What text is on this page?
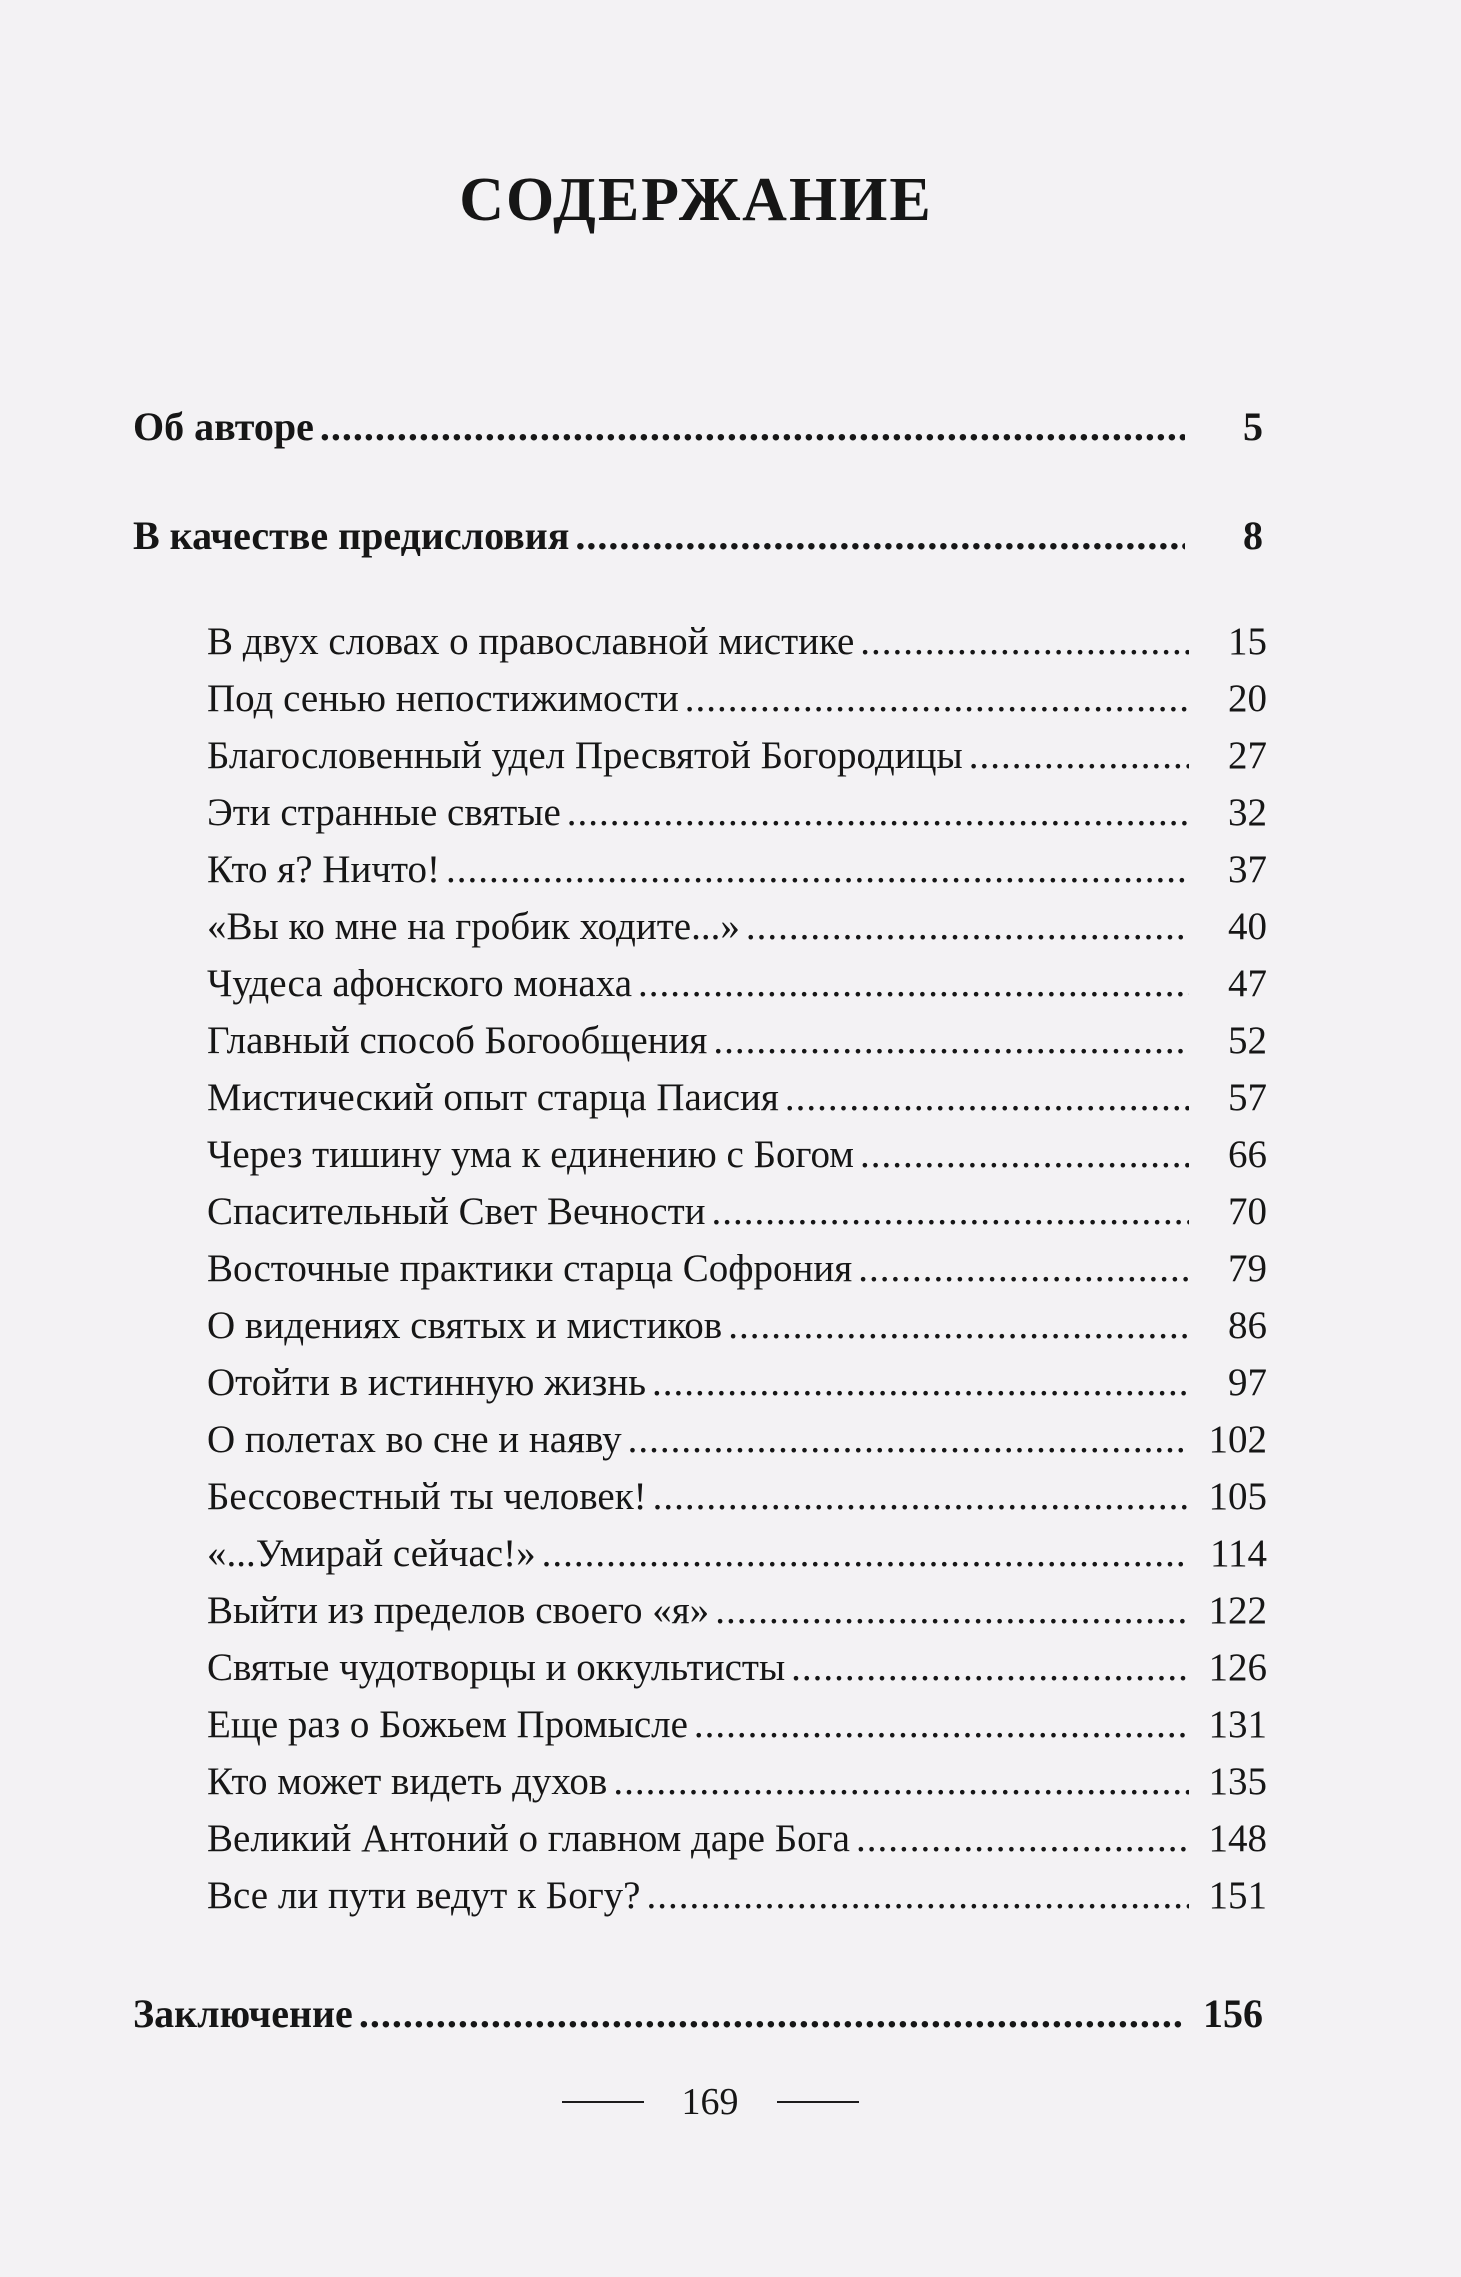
СОДЕРЖАНИЕ
Об авторе .....	5
В качестве предисловия .....	8
В двух словах о православной мистике .....	15
Под сенью непостижимости .....	20
Благословенный удел Пресвятой Богородицы .....	27
Эти странные святые .....	32
Кто я? Ничто! .....	37
«Вы ко мне на гробик ходите...» .....	40
Чудеса афонского монаха .....	47
Главный способ Богообщения .....	52
Мистический опыт старца Паисия .....	57
Через тишину ума к единению с Богом .....	66
Спасительный Свет Вечности .....	70
Восточные практики старца Софрония .....	79
О видениях святых и мистиков .....	86
Отойти в истинную жизнь .....	97
О полетах во сне и наяву .....	102
Бессовестный ты человек! .....	105
«...Умирай сейчас!» .....	114
Выйти из пределов своего «я» .....	122
Святые чудотворцы и оккультисты .....	126
Еще раз о Божьем Промысле .....	131
Кто может видеть духов .....	135
Великий Антоний о главном даре Бога .....	148
Все ли пути ведут к Богу? .....	151
Заключение .....	156
169
